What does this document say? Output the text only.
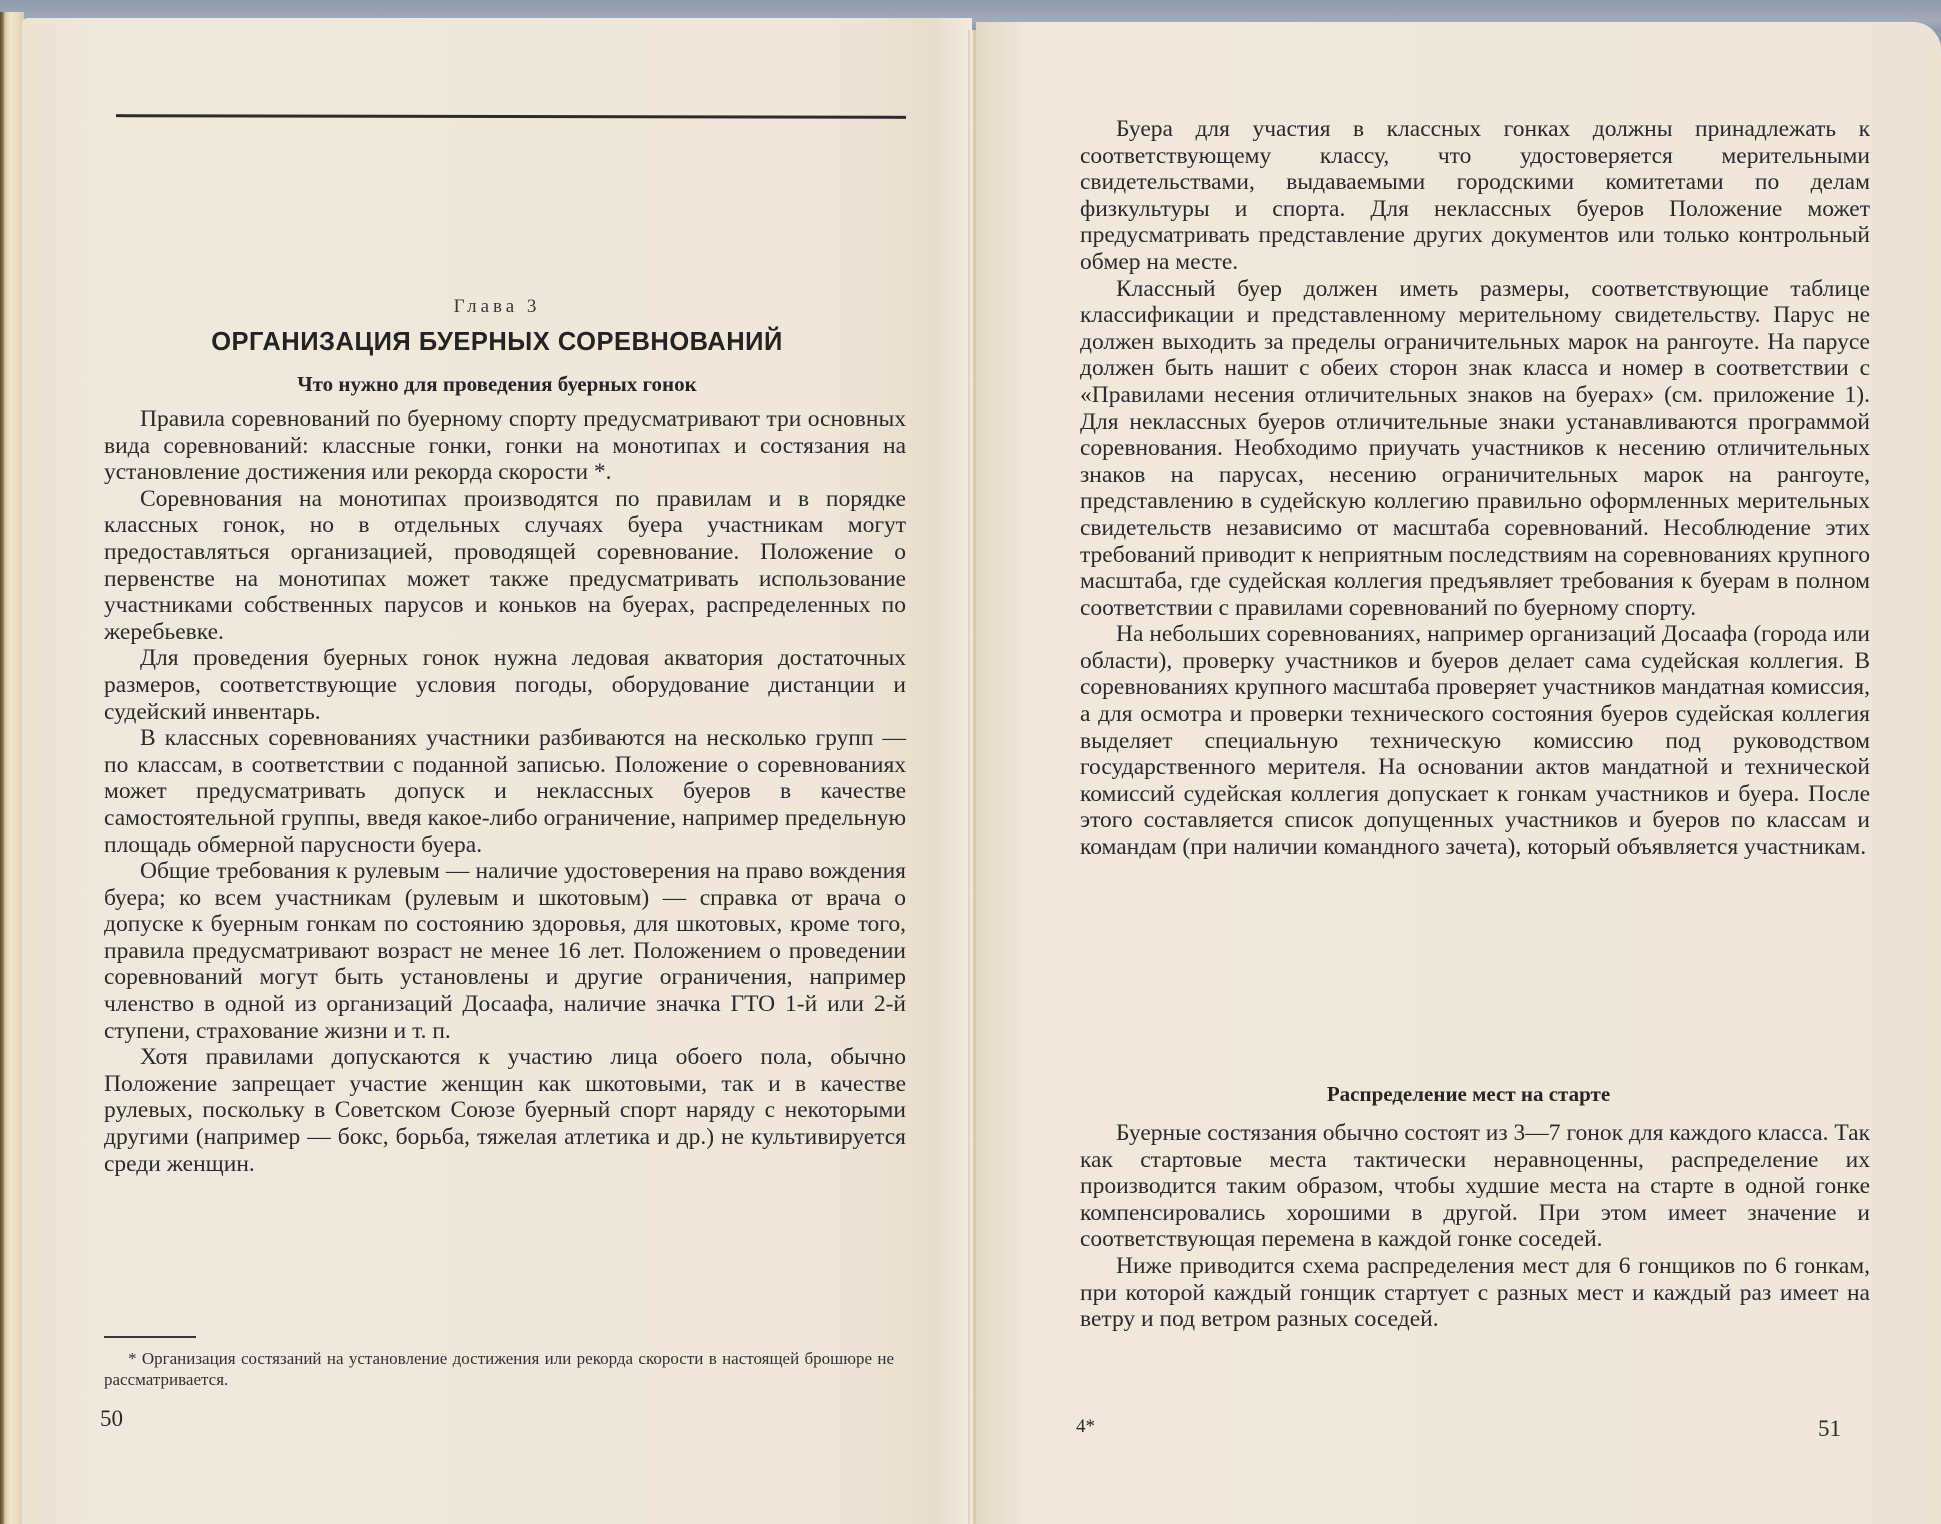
Глава 3
ОРГАНИЗАЦИЯ БУЕРНЫХ СОРЕВНОВАНИЙ
Что нужно для проведения буерных гонок

Правила соревнований по буерному спорту предусматривают три основных вида соревнований: классные гонки, гонки на монотипах и состязания на установление достижения или рекорда скорости *.

Соревнования на монотипах производятся по правилам и в порядке классных гонок, но в отдельных случаях буера участникам могут предоставляться организацией, проводящей соревнование. Положение о первенстве на монотипах может также предусматривать использование участниками собственных парусов и коньков на буерах, распределенных по жеребьевке.

Для проведения буерных гонок нужна ледовая акватория достаточных размеров, соответствующие условия погоды, оборудование дистанции и судейский инвентарь.

В классных соревнованиях участники разбиваются на несколько групп — по классам, в соответствии с поданной записью. Положение о соревнованиях может предусматривать допуск и неклассных буеров в качестве самостоятельной группы, введя какое-либо ограничение, например предельную площадь обмерной парусности буера.

Общие требования к рулевым — наличие удостоверения на право вождения буера; ко всем участникам (рулевым и шкотовым) — справка от врача о допуске к буерным гонкам по состоянию здоровья, для шкотовых, кроме того, правила предусматривают возраст не менее 16 лет. Положением о проведении соревнований могут быть установлены и другие ограничения, например членство в одной из организаций Досаафа, наличие значка ГТО 1-й или 2-й ступени, страхование жизни и т. п.

Хотя правилами допускаются к участию лица обоего пола, обычно Положение запрещает участие женщин как шкотовыми, так и в качестве рулевых, поскольку в Советском Союзе буерный спорт наряду с некоторыми другими (например — бокс, борьба, тяжелая атлетика и др.) не культивируется среди женщин.

* Организация состязаний на установление достижения или рекорда скорости в настоящей брошюре не рассматривается.

50

Буера для участия в классных гонках должны принадлежать к соответствующему классу, что удостоверяется мерительными свидетельствами, выдаваемыми городскими комитетами по делам физкультуры и спорта. Для неклассных буеров Положение может предусматривать представление других документов или только контрольный обмер на месте.

Классный буер должен иметь размеры, соответствующие таблице классификации и представленному мерительному свидетельству. Парус не должен выходить за пределы ограничительных марок на рангоуте. На парусе должен быть нашит с обеих сторон знак класса и номер в соответствии с «Правилами несения отличительных знаков на буерах» (см. приложение 1). Для неклассных буеров отличительные знаки устанавливаются программой соревнования. Необходимо приучать участников к несению отличительных знаков на парусах, несению ограничительных марок на рангоуте, представлению в судейскую коллегию правильно оформленных мерительных свидетельств независимо от масштаба соревнований. Несоблюдение этих требований приводит к неприятным последствиям на соревнованиях крупного масштаба, где судейская коллегия предъявляет требования к буерам в полном соответствии с правилами соревнований по буерному спорту.

На небольших соревнованиях, например организаций Досаафа (города или области), проверку участников и буеров делает сама судейская коллегия. В соревнованиях крупного масштаба проверяет участников мандатная комиссия, а для осмотра и проверки технического состояния буеров судейская коллегия выделяет специальную техническую комиссию под руководством государственного мерителя. На основании актов мандатной и технической комиссий судейская коллегия допускает к гонкам участников и буера. После этого составляется список допущенных участников и буеров по классам и командам (при наличии командного зачета), который объявляется участникам.

Распределение мест на старте

Буерные состязания обычно состоят из 3—7 гонок для каждого класса. Так как стартовые места тактически неравноценны, распределение их производится таким образом, чтобы худшие места на старте в одной гонке компенсировались хорошими в другой. При этом имеет значение и соответствующая перемена в каждой гонке соседей.

Ниже приводится схема распределения мест для 6 гонщиков по 6 гонкам, при которой каждый гонщик стартует с разных мест и каждый раз имеет на ветру и под ветром разных соседей.

4*	51
